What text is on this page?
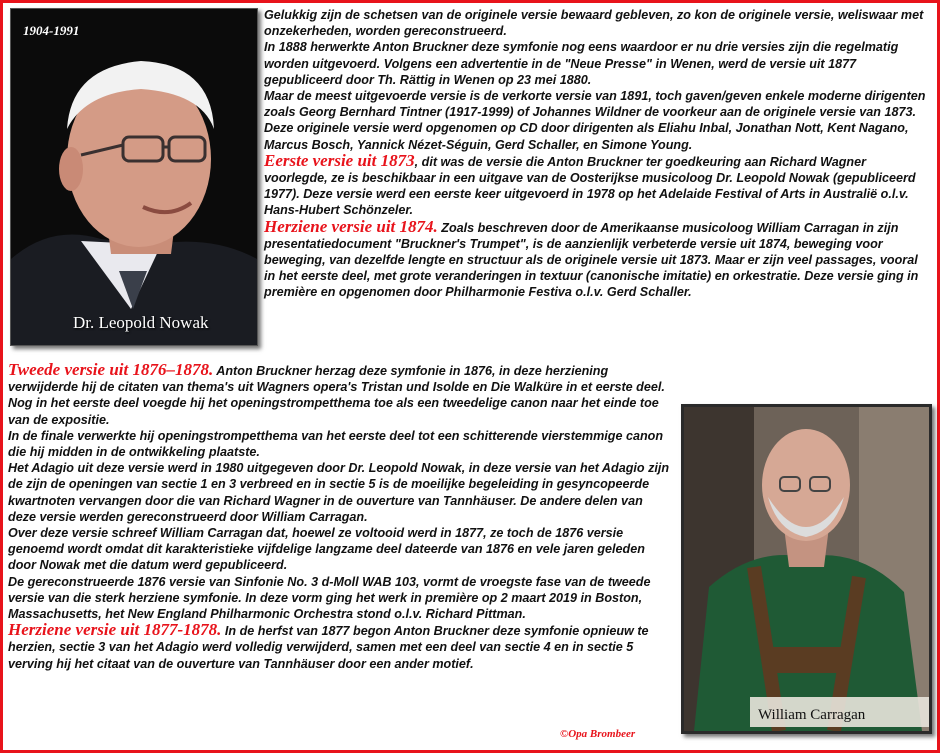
1904-1991
Dr. Leopold Nowak

Gelukkig zijn de schetsen van de originele versie bewaard gebleven, zo kon de originele versie, weliswaar met onzekerheden, worden gereconstrueerd.

In 1888 herwerkte Anton Bruckner deze symfonie nog eens waardoor er nu drie versies zijn die regelmatig worden uitgevoerd. Volgens een advertentie in de "Neue Presse" in Wenen, werd de versie uit 1877 gepubliceerd door Th. Rättig in Wenen op 23 mei 1880.

Maar de meest uitgevoerde versie is de verkorte versie van 1891, toch gaven/geven enkele moderne dirigenten zoals Georg Bernhard Tintner (1917-1999) of Johannes Wildner de voorkeur aan de originele versie van 1873. Deze originele versie werd opgenomen op CD door dirigenten als Eliahu Inbal, Jonathan Nott, Kent Nagano, Marcus Bosch, Yannick Nézet-Séguin, Gerd Schaller, en Simone Young.

Eerste versie uit 1873, dit was de versie die Anton Bruckner ter goedkeuring aan Richard Wagner voorlegde, ze is beschikbaar in een uitgave van de Oosterijkse musicoloog Dr. Leopold Nowak (gepubliceerd 1977). Deze versie werd een eerste keer uitgevoerd in 1978 op het Adelaide Festival of Arts in Australië o.l.v. Hans-Hubert Schönzeler.

Herziene versie uit 1874. Zoals beschreven door de Amerikaanse musicoloog William Carragan in zijn presentatiedocument "Bruckner's Trumpet", is de aanzienlijk verbeterde versie uit 1874, beweging voor beweging, van dezelfde lengte en structuur als de originele versie uit 1873. Maar er zijn veel passages, vooral in het eerste deel, met grote veranderingen in textuur (canonische imitatie) en orkestratie. Deze versie ging in première en opgenomen door Philharmonie Festiva o.l.v. Gerd Schaller.

Tweede versie uit 1876–1878. Anton Bruckner herzag deze symfonie in 1876, in deze herziening verwijderde hij de citaten van thema's uit Wagners opera's Tristan und Isolde en Die Walküre in et eerste deel. Nog in het eerste deel voegde hij het openingstrompetthema toe als een tweedelige canon naar het einde toe van de expositie.

In de finale verwerkte hij openingstrompetthema van het eerste deel tot een schitterende vierstemmige canon die hij midden in de ontwikkeling plaatste.

Het Adagio uit deze versie werd in 1980 uitgegeven door Dr. Leopold Nowak, in deze versie van het Adagio zijn de zijn de openingen van sectie 1 en 3 verbreed en in sectie 5 is de moeilijke begeleiding in gesyncopeerde kwartnoten vervangen door die van Richard Wagner in de ouverture van Tannhäuser. De andere delen van deze versie werden gereconstrueerd door William Carragan.

Over deze versie schreef William Carragan dat, hoewel ze voltooid werd in 1877, ze toch de 1876 versie genoemd wordt omdat dit karakteristieke vijfdelige langzame deel dateerde van 1876 en vele jaren geleden door Nowak met die datum werd gepubliceerd.

De gereconstrueerde 1876 versie van Sinfonie No. 3 d-Moll WAB 103, vormt de vroegste fase van de tweede versie van die sterk herziene symfonie. In deze vorm ging het werk in première op 2 maart 2019 in Boston, Massachusetts, het New England Philharmonic Orchestra stond o.l.v. Richard Pittman.

Herziene versie uit 1877-1878. In de herfst van 1877 begon Anton Bruckner deze symfonie opnieuw te herzien, sectie 3 van het Adagio werd volledig verwijderd, samen met een deel van sectie 4 en in sectie 5 verving hij het citaat van de ouverture van Tannhäuser door een ander motief.

William Carragan
©Opa Brombeer
